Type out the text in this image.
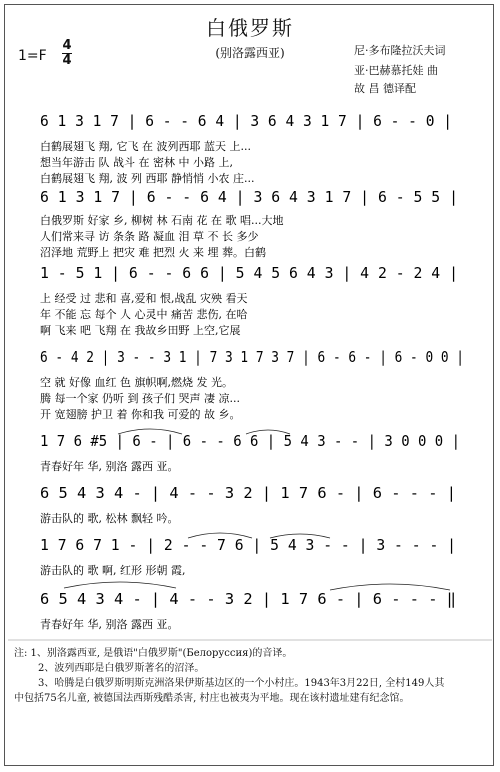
白俄罗斯
(别洛露西亚)
1=F
4
4
尼·多布隆拉沃夫词
亚·巴赫慕托娃 曲
故 昌 德译配
6 1 3 1 7 | 6 - - 6 4 | 3 6 4 3 1 7 | 6 - - 0 |
白鹤展翅飞 翔, 它飞 在 波列西耶 蓝天 上...
想当年游击 队 战斗 在 密林 中 小路 上,
白鹤展翅飞 翔, 波 列 西耶 静悄悄 小农 庄...
6 1 3 1 7 | 6 - - 6 4 | 3 6 4 3 1 7 | 6 - 5 5 |
白俄罗斯 好家 乡, 柳树 林 石南 花 在 歌 唱...大地
人们常来寻 访 条条 路 凝血 泪 草 不 长 多少
沼泽地 荒野上 把灾 难 把烈 火 来 埋 葬。白鹤
1 - 5 1 | 6 - - 6 6 | 5 4 5 6 4 3 | 4 2 - 2 4 |
上 经受 过 悲和 喜,爱和 恨,战乱 灾殃 看天
年 不能 忘 每个 人 心灵中 痛苦 悲伤, 在哈
啊 飞来 吧 飞翔 在 我故乡田野 上空,它展
6 - 4 2 | 3 - - 3 1 | 7 3 1 7 3 7 | 6 - 6 - | 6 - 0 0 |
空 就 好像 血红 色 旗帜啊,燃烧 发 光。
腾 每一个家 仍听 到 孩子们 哭声 凄 凉...
开 宽翅膀 护卫 着 你和我 可爱的 故 乡。
1 7 6 #5 | 6 - | 6 - - 6 6 | 5 4 3 - - | 3 0 0 0 |
青春好年 华, 别洛 露西 亚。
6 5 4 3 4 - | 4 - - 3 2 | 1 7 6 - | 6 - - - |
游击队的 歌, 松林 飘轻 吟。
1 7 6 7 1 - | 2 - - 7 6 | 5 4 3 - - | 3 - - - |
游击队的 歌 啊, 红形 形朝 霞,
6 5 4 3 4 - | 4 - - 3 2 | 1 7 6 - | 6 - - - ‖
青春好年 华, 别洛 露西 亚。
注: 1、别洛露西亚, 是俄语"白俄罗斯"(Белоруссия)的音译。
2、波列西耶是白俄罗斯著名的沼泽。
3、哈腾是白俄罗斯明斯克洲洛果伊斯基边区的一个小村庄。1943年3月22日, 全村149人其
中包括75名儿童, 被德国法西斯残酷杀害, 村庄也被夷为平地。现在该村遗址建有纪念馆。
